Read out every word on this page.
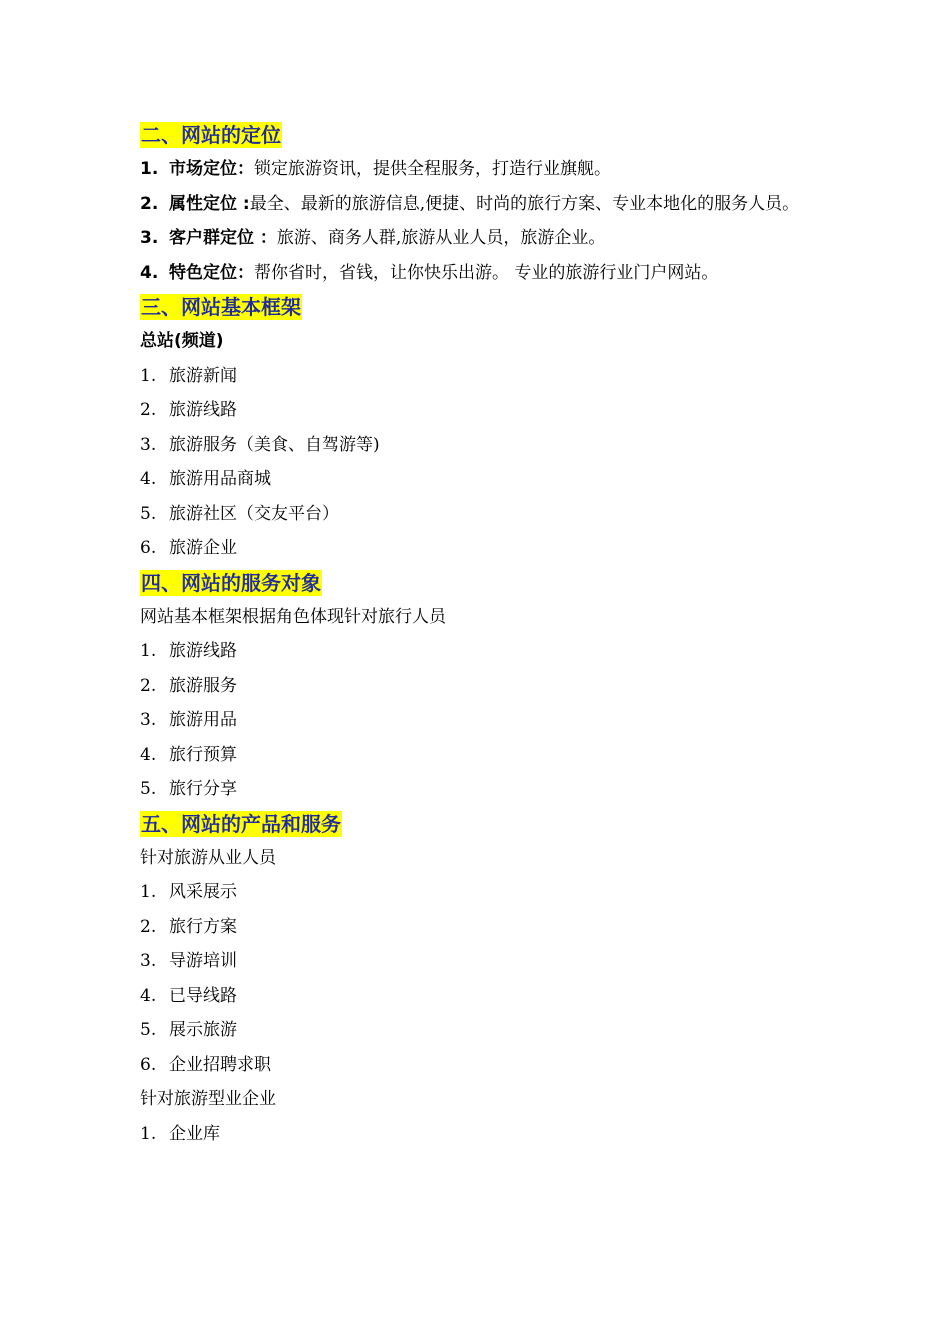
二、网站的定位

1. 市场定位：锁定旅游资讯，提供全程服务，打造行业旗舰。

2. 属性定位 :最全、最新的旅游信息,便捷、时尚的旅行方案、专业本地化的服务人员。

3. 客户群定位 ：旅游、商务人群,旅游从业人员，旅游企业。

4. 特色定位：帮你省时，省钱，让你快乐出游。 专业的旅游行业门户网站。

三、网站基本框架

总站(频道)

1. 旅游新闻

2. 旅游线路

3. 旅游服务（美食、自驾游等)

4. 旅游用品商城

5. 旅游社区（交友平台）

6. 旅游企业

四、网站的服务对象

网站基本框架根据角色体现针对旅行人员

1. 旅游线路

2. 旅游服务

3. 旅游用品

4. 旅行预算

5. 旅行分享

五、网站的产品和服务

针对旅游从业人员

1. 风采展示

2. 旅行方案

3. 导游培训

4. 已导线路

5. 展示旅游

6. 企业招聘求职

针对旅游型业企业

1. 企业库
